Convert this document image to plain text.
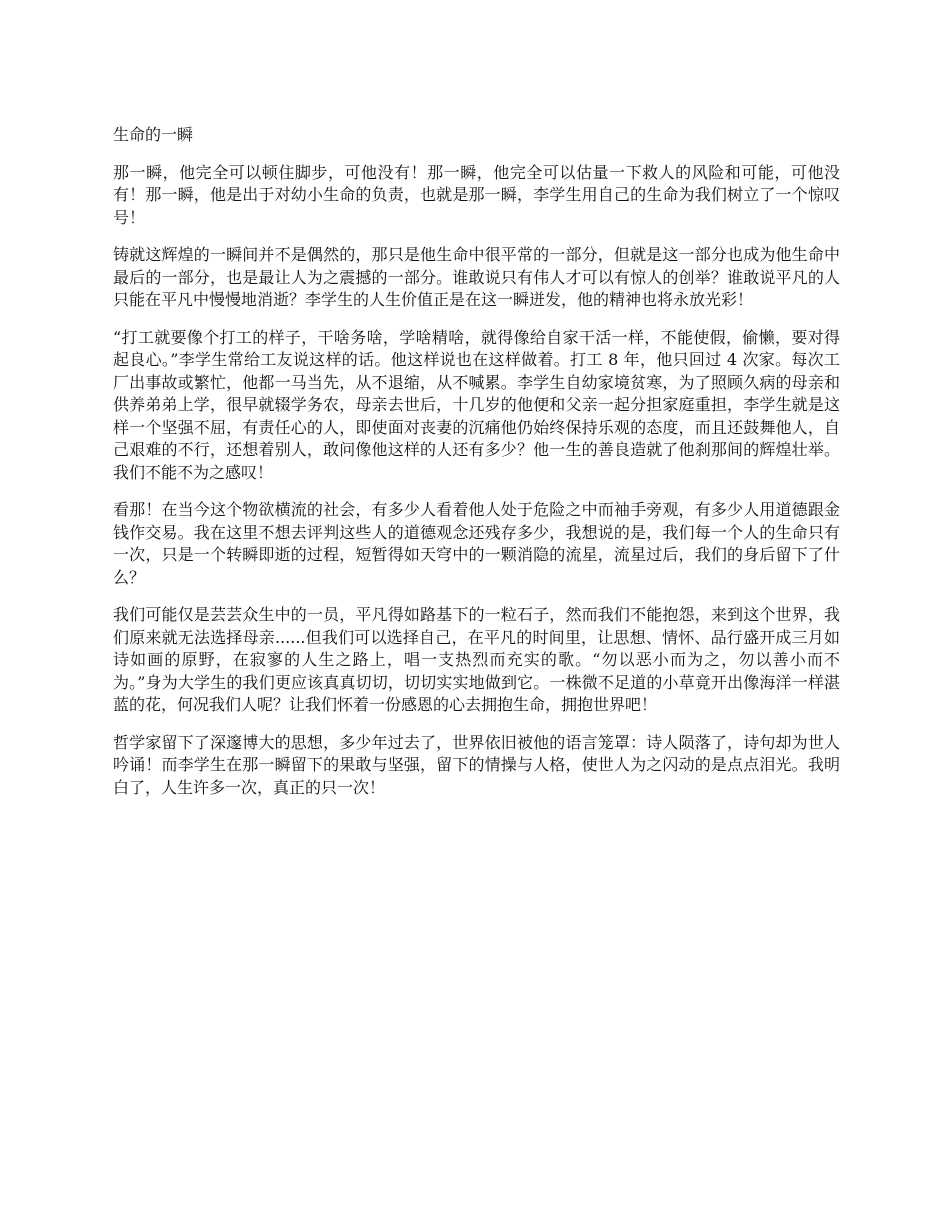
生命的一瞬

那一瞬，他完全可以顿住脚步，可他没有！那一瞬，他完全可以估量一下救人的风险和可能，可他没有！那一瞬，他是出于对幼小生命的负责，也就是那一瞬，李学生用自己的生命为我们树立了一个惊叹号！

铸就这辉煌的一瞬间并不是偶然的，那只是他生命中很平常的一部分，但就是这一部分也成为他生命中最后的一部分，也是最让人为之震撼的一部分。谁敢说只有伟人才可以有惊人的创举？谁敢说平凡的人只能在平凡中慢慢地消逝？李学生的人生价值正是在这一瞬迸发，他的精神也将永放光彩！

“打工就要像个打工的样子，干啥务啥，学啥精啥，就得像给自家干活一样，不能使假，偷懒，要对得起良心。”李学生常给工友说这样的话。他这样说也在这样做着。打工 8 年，他只回过 4 次家。每次工厂出事故或繁忙，他都一马当先，从不退缩，从不喊累。李学生自幼家境贫寒，为了照顾久病的母亲和供养弟弟上学，很早就辍学务农，母亲去世后，十几岁的他便和父亲一起分担家庭重担，李学生就是这样一个坚强不屈，有责任心的人，即使面对丧妻的沉痛他仍始终保持乐观的态度，而且还鼓舞他人，自己艰难的不行，还想着别人，敢问像他这样的人还有多少？他一生的善良造就了他刹那间的辉煌壮举。我们不能不为之感叹！

看那！在当今这个物欲横流的社会，有多少人看着他人处于危险之中而袖手旁观，有多少人用道德跟金钱作交易。我在这里不想去评判这些人的道德观念还残存多少，我想说的是，我们每一个人的生命只有一次，只是一个转瞬即逝的过程，短暂得如天穹中的一颗消隐的流星，流星过后，我们的身后留下了什么？

我们可能仅是芸芸众生中的一员，平凡得如路基下的一粒石子，然而我们不能抱怨，来到这个世界，我们原来就无法选择母亲......但我们可以选择自己，在平凡的时间里，让思想、情怀、品行盛开成三月如诗如画的原野，在寂寥的人生之路上，唱一支热烈而充实的歌。“勿以恶小而为之，勿以善小而不为。”身为大学生的我们更应该真真切切，切切实实地做到它。一株微不足道的小草竟开出像海洋一样湛蓝的花，何况我们人呢？让我们怀着一份感恩的心去拥抱生命，拥抱世界吧！

哲学家留下了深邃博大的思想，多少年过去了，世界依旧被他的语言笼罩：诗人陨落了，诗句却为世人吟诵！而李学生在那一瞬留下的果敢与坚强，留下的情操与人格，使世人为之闪动的是点点泪光。我明白了，人生许多一次，真正的只一次！
